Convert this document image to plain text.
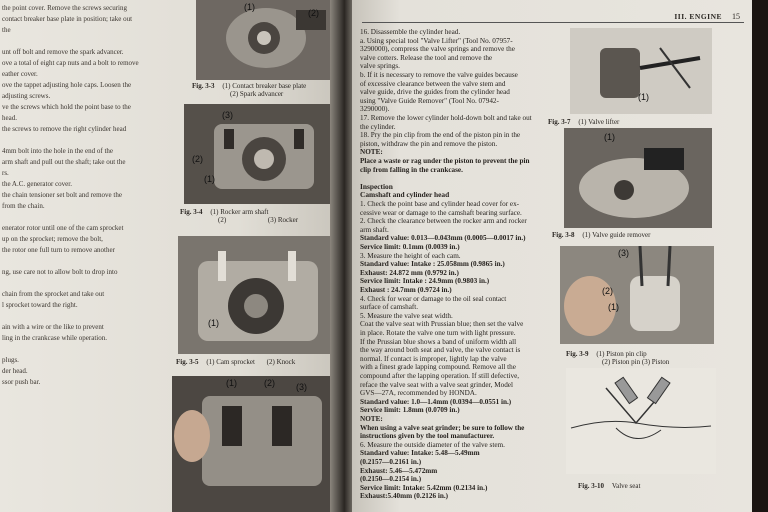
the point cover. Remove the screws securing
contact breaker base plate in position; take out
the
unt off bolt and remove the spark advancer.
ove a total of eight cap nuts and a bolt to remove
eather cover.
ove the tappet adjusting hole caps. Loosen the
adjusting screws.
ve the screws which hold the point base to the
head.
the screws to remove the right cylinder head
4mm bolt into the hole in the end of the
arm shaft and pull out the shaft; take out the
rs.
the A.C. generator cover.
the chain tensioner set bolt and remove the
from the chain.
enerator rotor until one of the cam sprocket
up on the sprocket; remove the bolt,
the rotor one full turn to remove another
ng, use care not to allow bolt to drop into
chain from the sprocket and take out
l sprocket toward the right.
ain with a wire or the like to prevent
ling in the crankcase while operation.
plugs.
der head.
ssor push bar.
(1)
(2)
Fig. 3-3 (1) Contact breaker base plate
(2) Spark advancer
(3)
(2)
(1)
Fig. 3-4 (1) Rocker arm shaft
(2)	(3) Rocker
(1)
Fig. 3-5 (1) Cam sprocket (2) Knock
(1)	(2) (3)
III. ENGINE 15
16. Disassemble the cylinder head.
a. Using special tool "Valve Lifter" (Tool No. 07957-
3290000), compress the valve springs and remove the
valve cotters. Release the tool and remove the
valve springs.
b. If it is necessary to remove the valve guides because
of excessive clearance between the valve stem and
valve guide, drive the guides from the cylinder head
using "Valve Guide Remover" (Tool No. 07942-
3290000).
17. Remove the lower cylinder hold-down bolt and take out
the cylinder.
18. Pry the pin clip from the end of the piston pin in the
piston, withdraw the pin and remove the piston.
NOTE:
Place a waste or rag under the piston to prevent the pin
clip from falling in the crankcase.
Inspection
Camshaft and cylinder head
1. Check the point base and cylinder head cover for ex-
cessive wear or damage to the camshaft bearing surface.
2. Check the clearance between the rocker arm and rocker
arm shaft.
Standard value: 0.013—0.043mm (0.0005—0.0017 in.)
Service limit: 0.1mm (0.0039 in.)
3. Measure the height of each cam.
Standard value: Intake : 25.058mm (0.9865 in.)
Exhaust: 24.872 mm (0.9792 in.)
Service limit: Intake : 24.9mm (0.9803 in.)
Exhaust : 24.7mm (0.9724 in.)
4. Check for wear or damage to the oil seal contact
surface of camshaft.
5. Measure the valve seat width.
Coat the valve seat with Prussian blue; then set the valve
in place. Rotate the valve one turn with light pressure.
If the Prussian blue shows a band of uniform width all
the way around both seat and valve, the valve contact is
normal. If contact is improper, lightly lap the valve
with a finest grade lapping compound. Remove all the
compound after the lapping operation. If still defective,
reface the valve seat with a valve seat grinder, Model
GVS—27A, recommended by HONDA.
Standard value: 1.0—1.4mm (0.0394—0.0551 in.)
Service limit: 1.8mm (0.0709 in.)
NOTE:
When using a valve seat grinder; be sure to follow the
instructions given by the tool manufacturer.
6. Measure the outside diameter of the valve stem.
Standard value: Intake: 5.48—5.49mm
(0.2157—0.2161 in.)
Exhaust: 5.46—5.472mm
(0.2150—0.2154 in.)
Service limit: Intake: 5.42mm (0.2134 in.)
Exhaust:5.40mm (0.2126 in.)
(1)
Fig. 3-7 (1) Valve lifter
(1)
Fig. 3-8 (1) Valve guide remover
(3)
(2)
(1)
Fig. 3-9 (1) Piston pin clip
(2) Piston pin (3) Piston
Fig. 3-10 Valve seat
